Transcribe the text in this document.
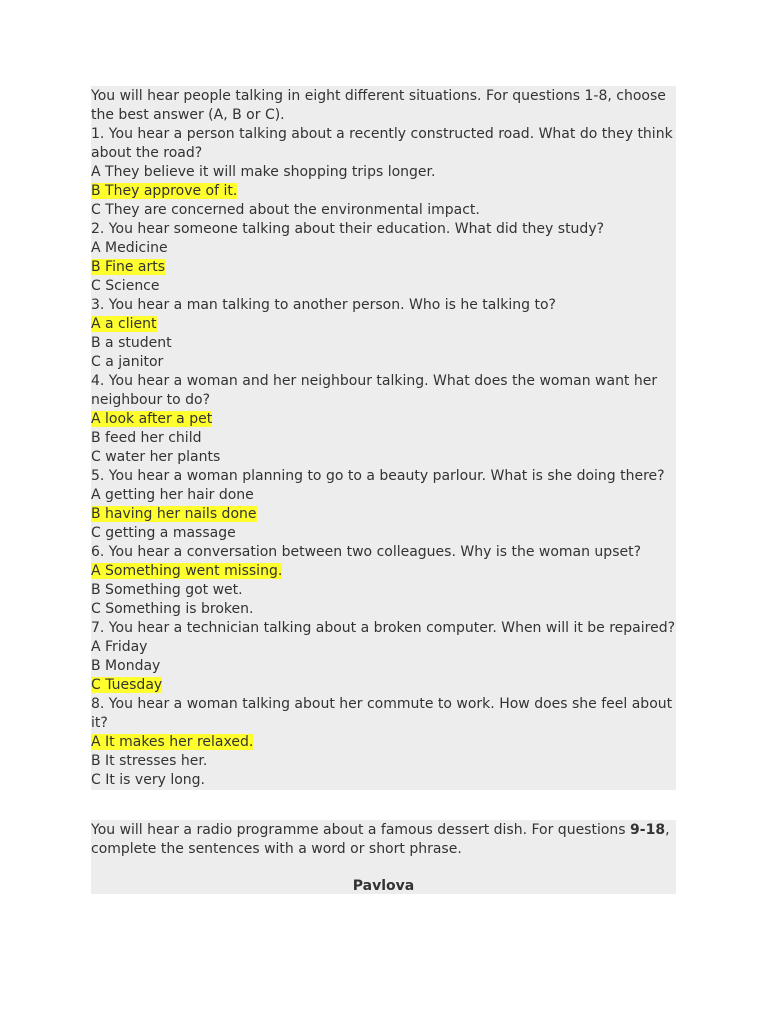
You will hear people talking in eight different situations. For questions 1-8, choose the best answer (A, B or C).
1. You hear a person talking about a recently constructed road. What do they think about the road?
A They believe it will make shopping trips longer.
B They approve of it.
C They are concerned about the environmental impact.
2. You hear someone talking about their education. What did they study?
A Medicine
B Fine arts
C Science
3. You hear a man talking to another person. Who is he talking to?
A a client
B a student
C a janitor
4. You hear a woman and her neighbour talking. What does the woman want her neighbour to do?
A look after a pet
B feed her child
C water her plants
5. You hear a woman planning to go to a beauty parlour. What is she doing there?
A getting her hair done
B having her nails done
C getting a massage
6. You hear a conversation between two colleagues. Why is the woman upset?
A Something went missing.
B Something got wet.
C Something is broken.
7. You hear a technician talking about a broken computer. When will it be repaired?
A Friday
B Monday
C Tuesday
8. You hear a woman talking about her commute to work. How does she feel about it?
A It makes her relaxed.
B It stresses her.
C It is very long.
You will hear a radio programme about a famous dessert dish. For questions 9-18, complete the sentences with a word or short phrase.
Pavlova
